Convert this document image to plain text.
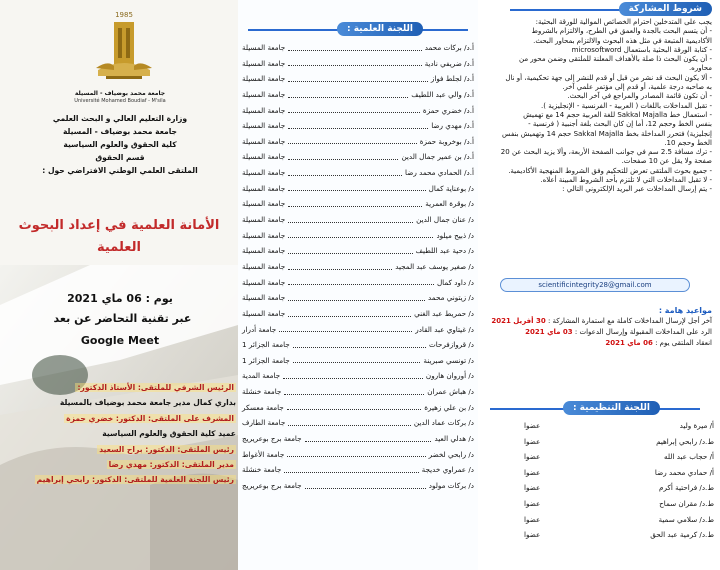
شروط المشاركة

يجب على المتدخلين احترام الخصائص الموالية للورقة البحثية:

- أن يتسم البحث بالجدة والعمق في الطرح، والالتزام بالشروط

الأكاديمية المتبعة في مثل هذه البحوث والالتزام بمحاور البحث.

- كتابة الورقة البحثية باستعمال microsoftword

- أن يكون البحث ذا صلة بالأهداف المعلنة للملتقى وضمن محور من

محاوره.

- ألا يكون البحث قد نشر من قبل أو قدم للنشر إلى جهة تحكيمية، أو نال

به صاحبه درجة علمية، أو قدم إلى مؤتمر علمي آخر.

- أن تكون قائمة المصادر والمراجع في آخر البحث.

- تقبل المداخلات باللغات ( العربية - الفرنسية - الإنجليزية ).

- استعمال خط Sakkal Majalla للغة العربية حجم 14 مع تهميش

بنفس الخط وحجم 12، أما إن كان البحث بلغة أجنبية ( فرنسية -

إنجليزية) فتحرر المداخلة بخط Sakkal Majalla حجم 14 وتهميش بنفس

الخط وحجم 10.

- ترك مسافة 2.5 سم في جوانب الصفحة الأربعة، وألا يزيد البحث عن 20

صفحة ولا يقل عن 10 صفحات.

- جميع بحوث الملتقى تعرض للتحكيم وفق الشروط المنهجية الأكاديمية.

- لا تقبل المداخلات التي لا تلتزم بأحد الشروط المبينة أعلاه.

- يتم إرسال المداخلات عبر البريد الإلكتروني التالي :

scientificintegrity28@gmail.com
مواعيد هامة :
آخر أجل لإرسال المداخلات كاملة مع استمارة المشاركة : 30 أفريل 2021
الرد على المداخلات المقبولة وإرسال الدعوات : 03 ماي 2021
انعقاد الملتقى يوم : 06 ماي 2021
اللجنة التنظيمية :
أ/ ميرة وليد
عضوا
ط.د/ رابحي إبراهيم
عضوا
أ/ حجاب عبد الله
عضوا
أ/ حمادي محمد رضا
عضوا
ط.د/ فراحتية أكرم
عضوا
ط.د/ مقران سماح
عضوا
ط.د/ سلامي سمية
عضوا
ط.د/ كرمية عبد الحق
عضوا
اللجنة العلمية :
أ.د/ بركات محمد
جامعة المسيلة
أ.د/ ضريفي نادية
جامعة المسيلة
أ.د/ لجلط فواز
جامعة المسيلة
أ.د/ والي عبد اللطيف
جامعة المسيلة
أ.د/ خضري حمزة
جامعة المسيلة
أ.د/ مهدي رضا
جامعة المسيلة
أ.د/ بوخروبة حمزة
جامعة المسيلة
أ.د/ بن عمير جمال الدين
جامعة المسيلة
أ.د/ الحمادي محمد رضا
جامعة المسيلة
د/ بوعناية كمال
جامعة المسيلة
د/ بوقرة العمرية
جامعة المسيلة
د/ عنان جمال الدين
جامعة المسيلة
د/ ذبيح ميلود
جامعة المسيلة
د/ دحية عبد اللطيف
جامعة المسيلة
د/ صغير يوسف عبد المجيد
جامعة المسيلة
د/ داود كمال
جامعة المسيلة
د/ زيتوني محمد
جامعة المسيلة
د/ حمريط عبد الغني
جامعة المسيلة
د/ غيتاوي عبد القادر
جامعة أدرار
د/ قروازفرحات
جامعة الجزائر 1
د/ تونسي صبرينة
جامعة الجزائر 1
د/ أوروان هارون
جامعة المدية
د/ هباش عمران
جامعة خنشلة
د/ بن علي زهيرة
جامعة معسكر
د/ بركات عماد الدين
جامعة الطارف
د/ هدلي العيد
جامعة برج بوعريريج
د/ رابحي لخضر
جامعة الأغواط
د/ عمراوي خديجة
جامعة خنشلة
د/ بركات مولود
جامعة برج بوعريريج
1985
جامعة محمد بوضياف - المسيلة
Université Mohamed Boudiaf - M'sila
وزارة التعليم العالي و البحث العلمي
جامعة محمد بوضياف - المسيلة
كلية الحقوق والعلوم السياسية
قسم الحقوق
الملتقى العلمي الوطني الافتراضي حول :
الأمانة العلمية في إعداد البحوث العلمية
يوم : 06 ماي 2021
عبر تقنية التحاضر عن بعد
Google Meet
الرئيس الشرفي للملتقى: الأستاذ الدكتور:
بداري كمال مدير جامعة محمد بوضياف بالمسيلة
المشرف على الملتقى: الدكتور: خضري حمزة
عميد كلية الحقوق والعلوم السياسية
رئيس الملتقى: الدكتور: براح السعيد
مدير الملتقى: الدكتور: مهدي رضا
رئيس اللجنة العلمية للملتقى: الدكتور: رابحي إبراهيم
